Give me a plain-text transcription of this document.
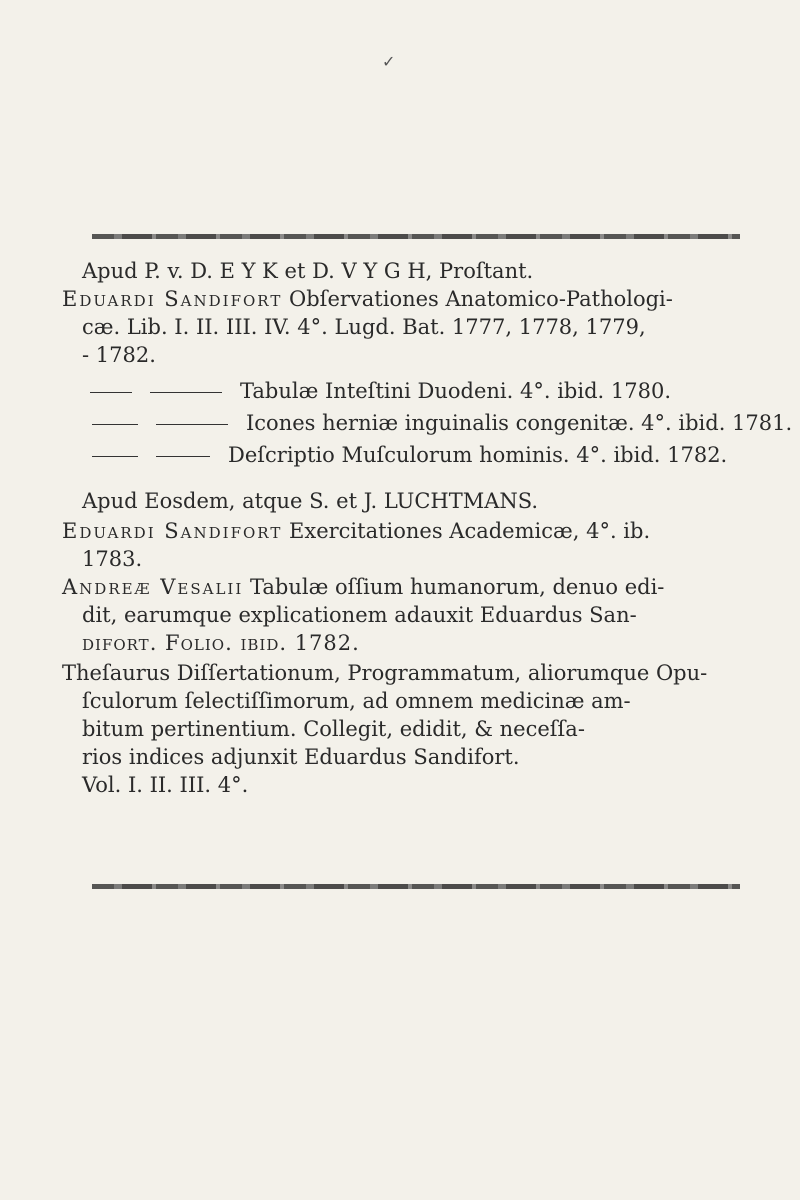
✓
Apud P. v. D. E Y K et D. V Y G H, Proſtant.
Eduardi Sandifort Obſervationes Anatomico-Pathologi-
cæ. Lib. I. II. III. IV. 4°. Lugd. Bat. 1777, 1778, 1779,
- 1782.
Tabulæ Inteſtini Duodeni. 4°. ibid. 1780.
Icones herniæ inguinalis congenitæ. 4°. ibid. 1781.
Deſcriptio Muſculorum hominis. 4°. ibid. 1782.
Apud Eosdem, atque S. et J. LUCHTMANS.
Eduardi Sandifort Exercitationes Academicæ, 4°. ib.
1783.
Andreæ Vesalii Tabulæ oſſium humanorum, denuo edi-
dit, earumque explicationem adauxit Eduardus San-
difort. Folio. ibid. 1782.
Theſaurus Diſſertationum, Programmatum, aliorumque Opu-
ſculorum ſelectiſſimorum, ad omnem medicinæ am-
bitum pertinentium. Collegit, edidit, & neceſſa-
rios indices adjunxit Eduardus Sandifort.
Vol. I. II. III. 4°.
